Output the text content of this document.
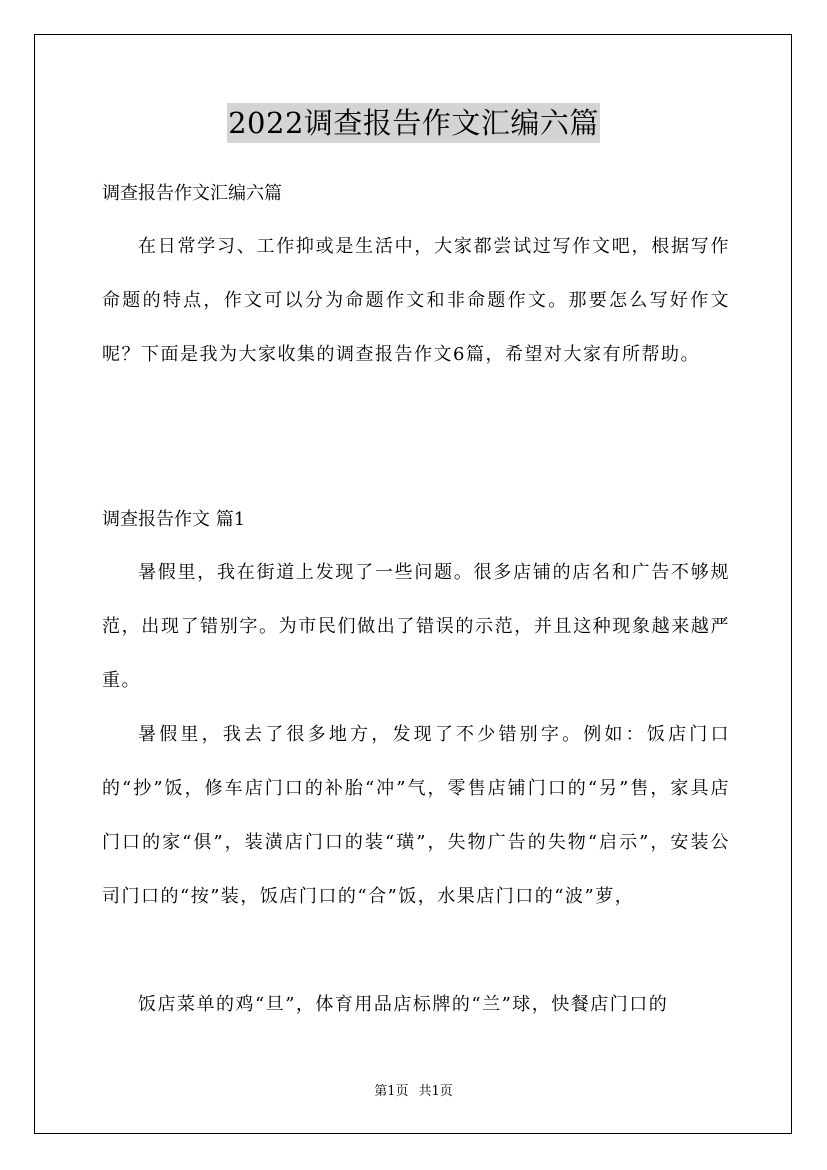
2022调查报告作文汇编六篇
调查报告作文汇编六篇

在日常学习、工作抑或是生活中，大家都尝试过写作文吧，根据写作命题的特点，作文可以分为命题作文和非命题作文。那要怎么写好作文呢？下面是我为大家收集的调查报告作文6篇，希望对大家有所帮助。

调查报告作文 篇1

暑假里，我在街道上发现了一些问题。很多店铺的店名和广告不够规范，出现了错别字。为市民们做出了错误的示范，并且这种现象越来越严重。

暑假里，我去了很多地方，发现了不少错别字。例如：饭店门口的“抄”饭，修车店门口的补胎“冲”气，零售店铺门口的“另”售，家具店门口的家“俱”，装潢店门口的装“璜”，失物广告的失物“启示”，安装公司门口的“按”装，饭店门口的“合”饭，水果店门口的“波”萝，

饭店菜单的鸡“旦”，体育用品店标牌的“兰”球，快餐店门口的

第1页 共1页
